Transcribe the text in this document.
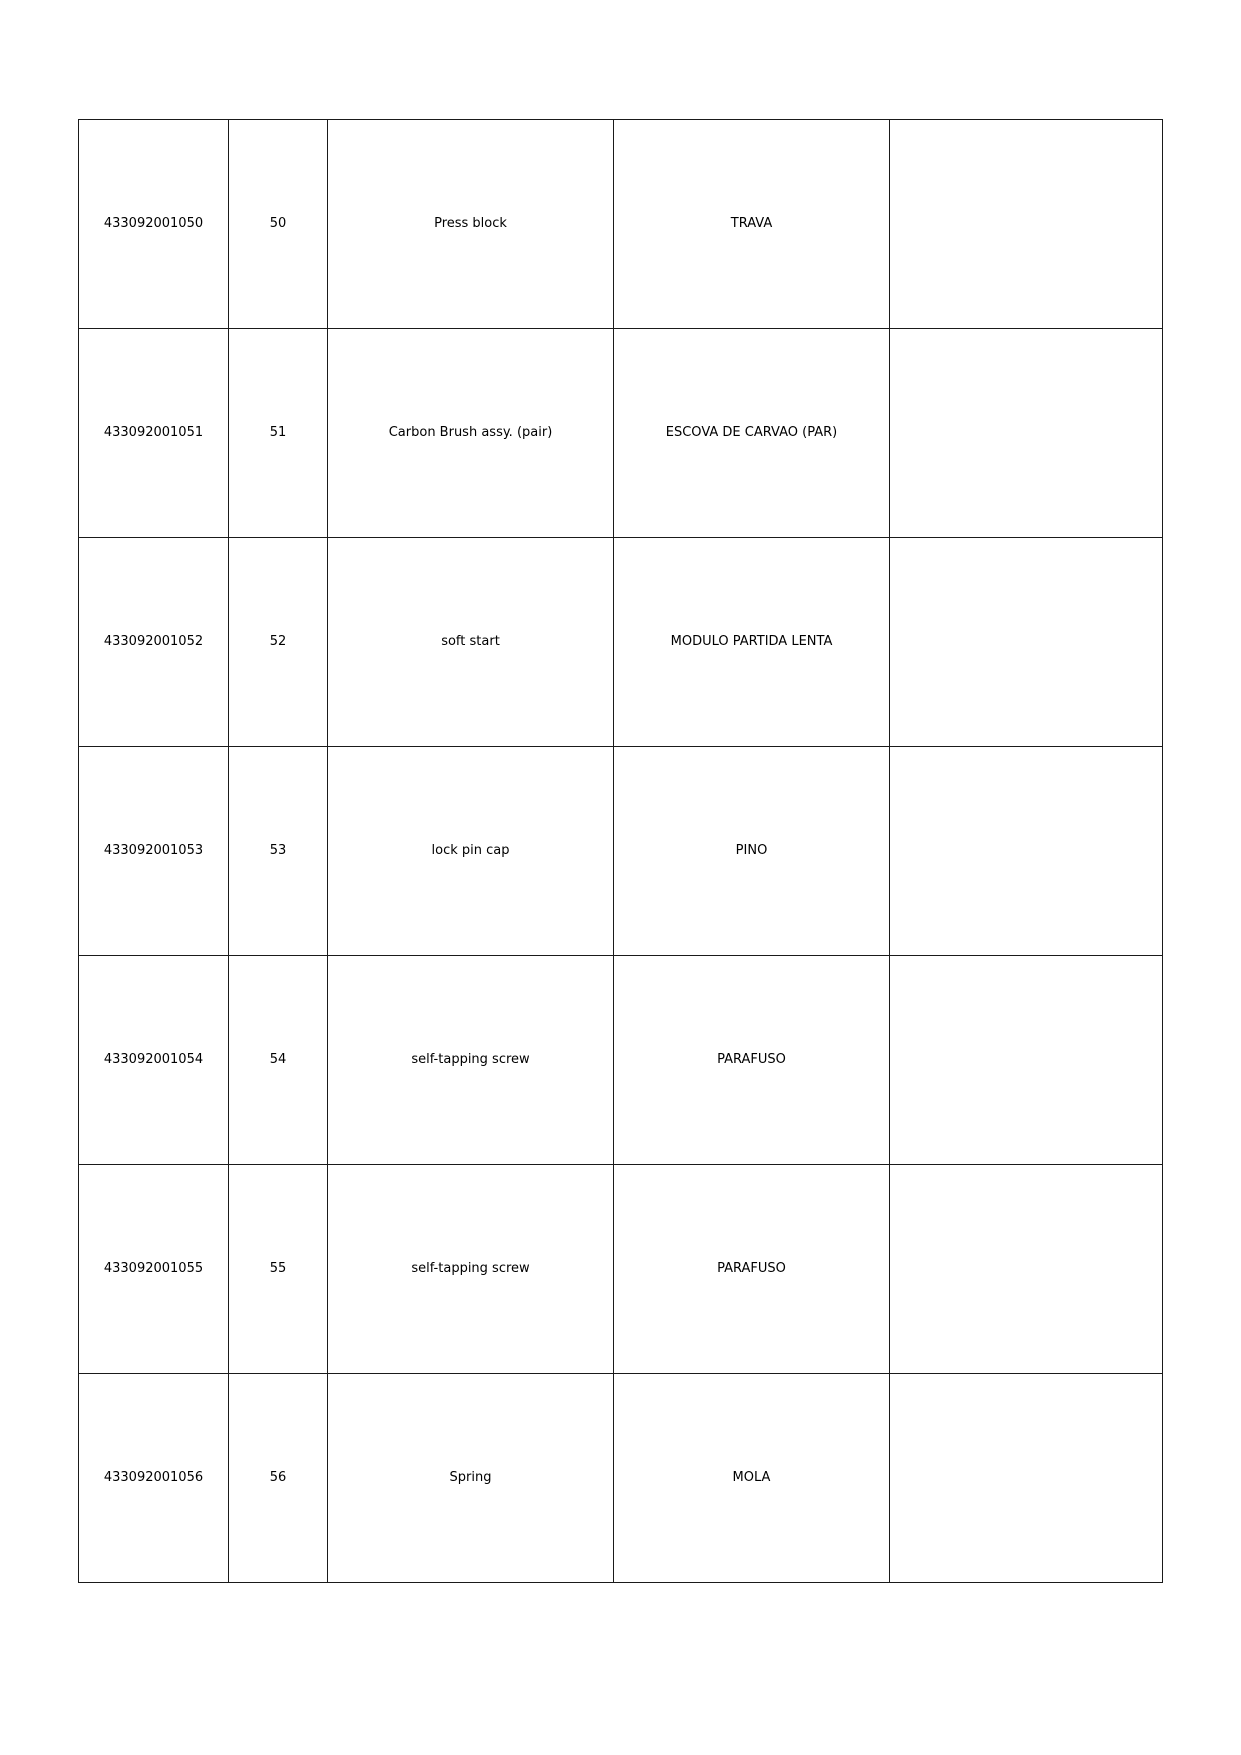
433092001050	50	Press block	TRAVA	
433092001051	51	Carbon Brush assy. (pair)	ESCOVA DE CARVAO (PAR)	
433092001052	52	soft start	MODULO PARTIDA LENTA	
433092001053	53	lock pin cap	PINO	
433092001054	54	self-tapping screw	PARAFUSO	
433092001055	55	self-tapping screw	PARAFUSO	
433092001056	56	Spring	MOLA	
